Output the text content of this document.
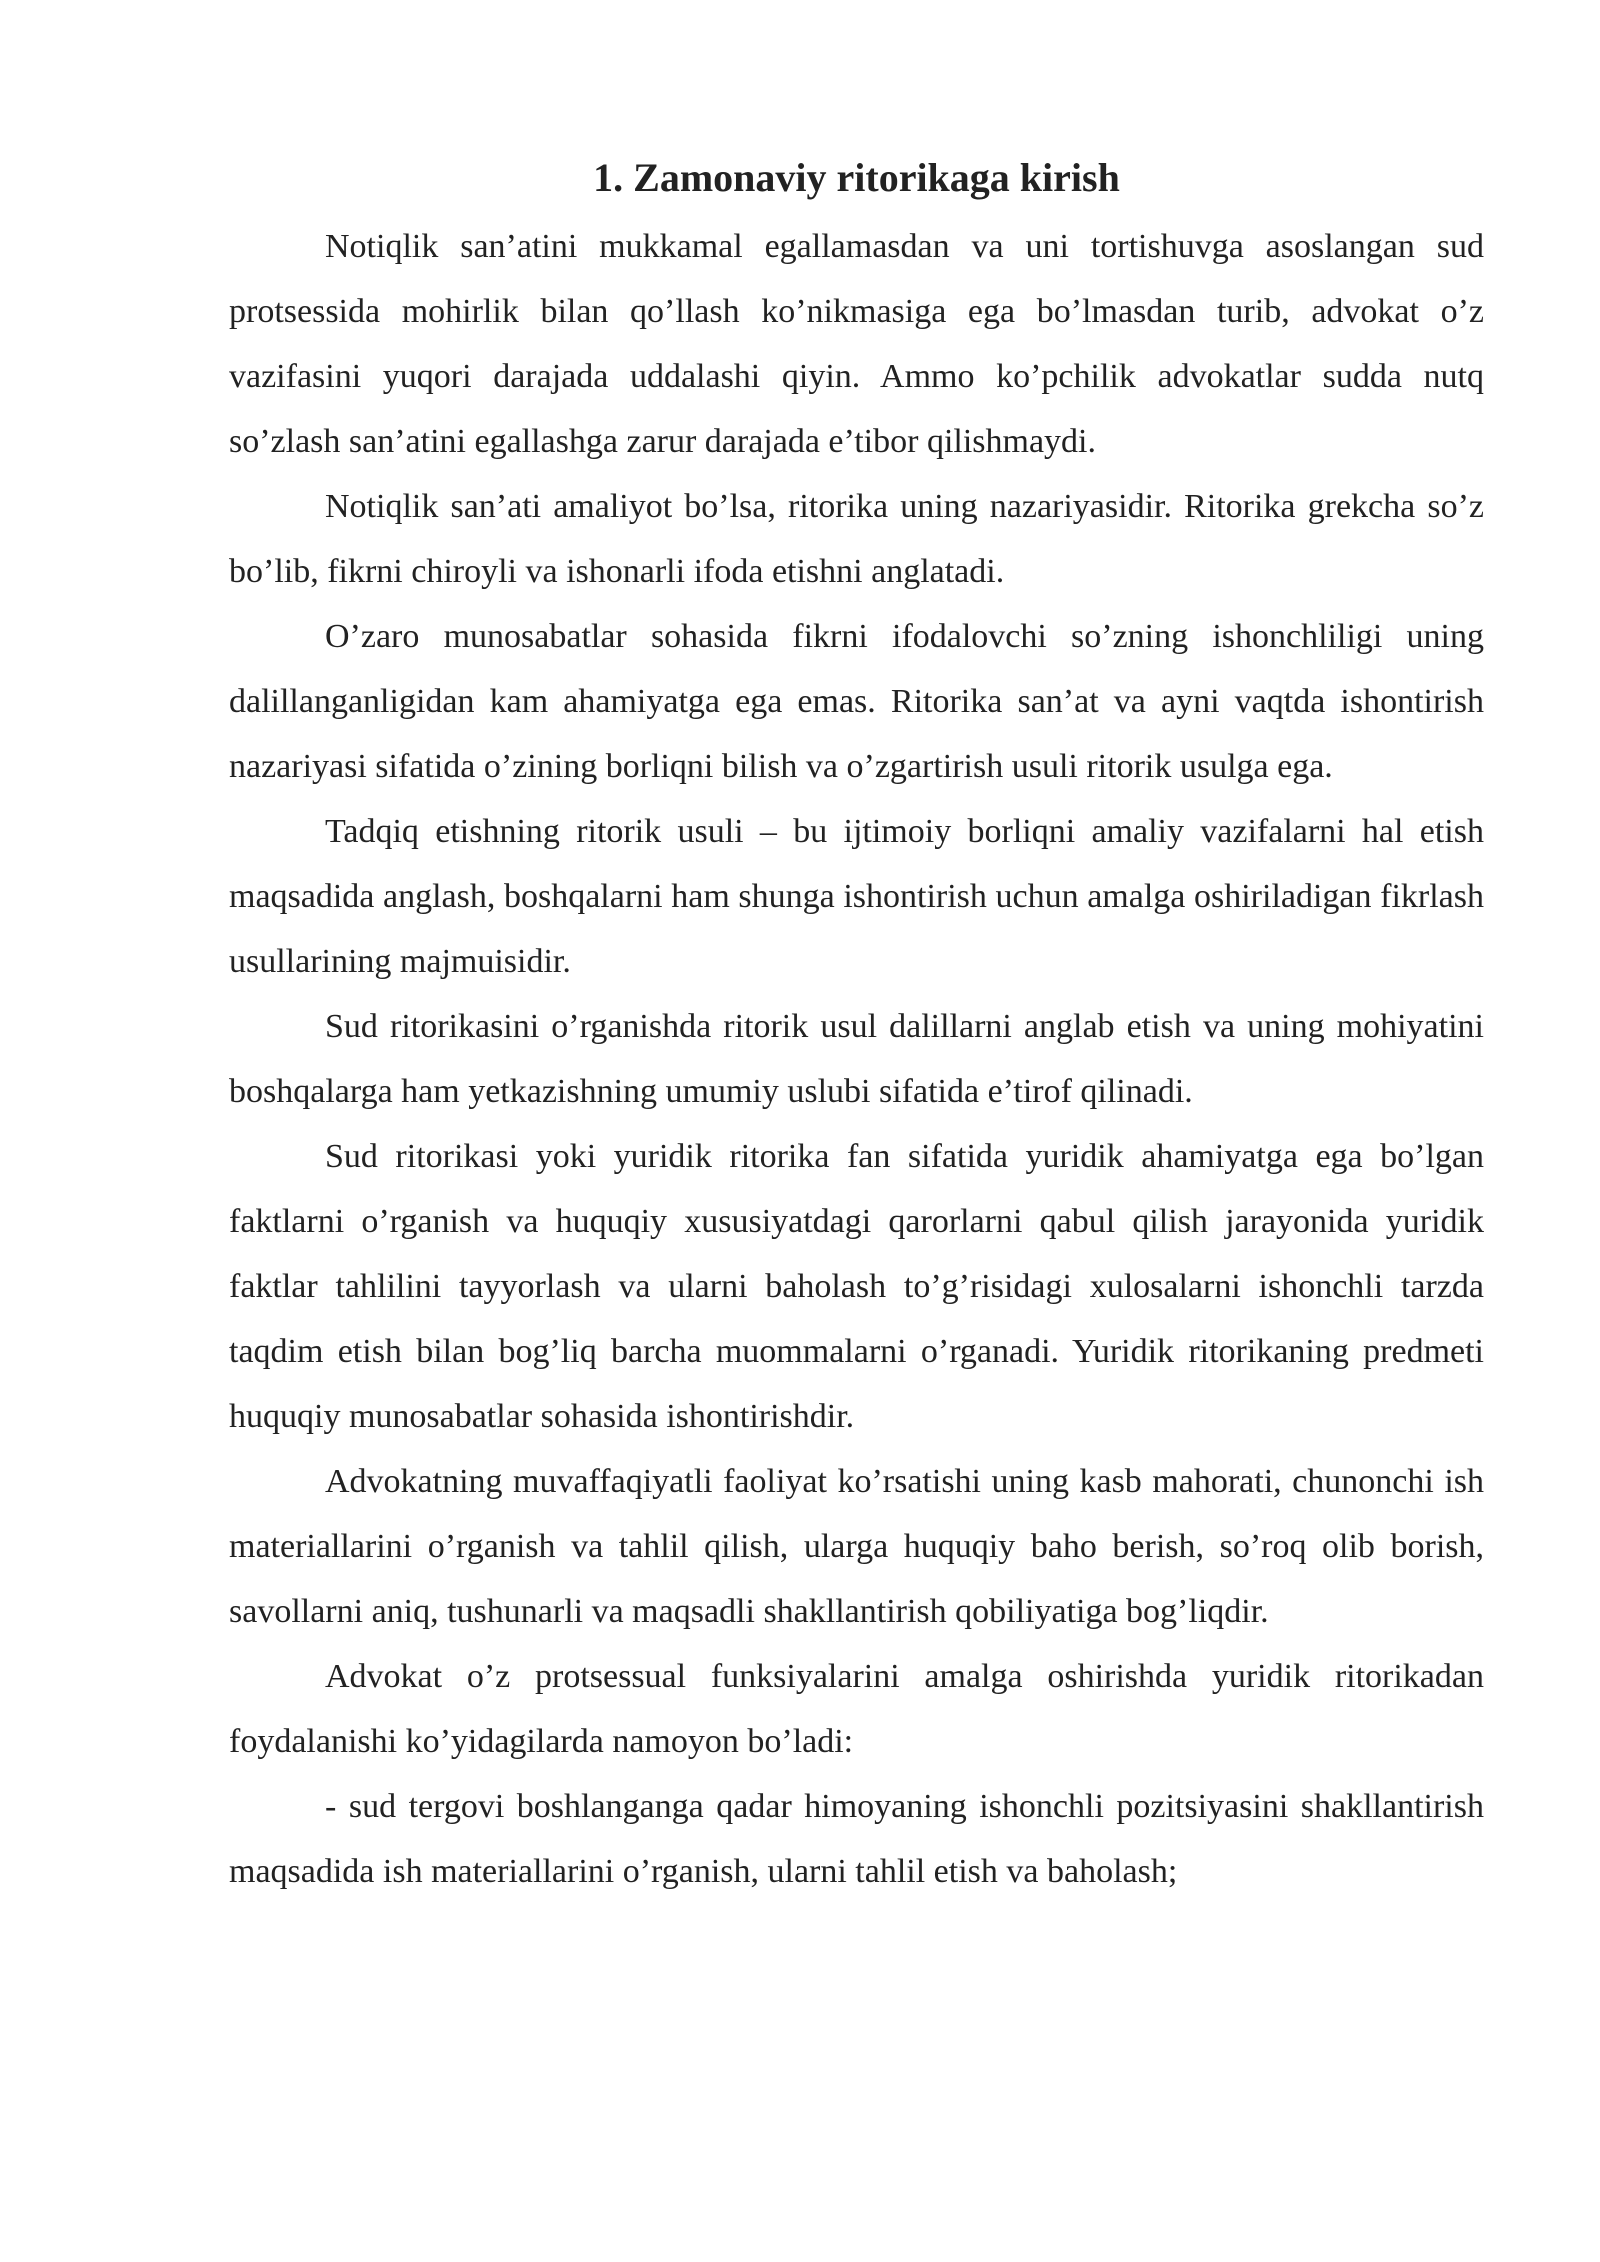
1. Zamonaviy ritorikaga kirish

Notiqlik san’atini mukkamal egallamasdan va uni tortishuvga asoslangan sud protsessida mohirlik bilan qo’llash ko’nikmasiga ega bo’lmasdan turib, advokat o’z vazifasini yuqori darajada uddalashi qiyin. Ammo ko’pchilik advokatlar sudda nutq so’zlash san’atini egallashga zarur darajada e’tibor qilishmaydi.

Notiqlik san’ati amaliyot bo’lsa, ritorika uning nazariyasidir. Ritorika grekcha so’z bo’lib, fikrni chiroyli va ishonarli ifoda etishni anglatadi.

O’zaro munosabatlar sohasida fikrni ifodalovchi so’zning ishonchliligi uning dalillanganligidan kam ahamiyatga ega emas. Ritorika san’at va ayni vaqtda ishontirish nazariyasi sifatida o’zining borliqni bilish va o’zgartirish usuli ritorik usulga ega.

Tadqiq etishning ritorik usuli – bu ijtimoiy borliqni amaliy vazifalarni hal etish maqsadida anglash, boshqalarni ham shunga ishontirish uchun amalga oshiriladigan fikrlash usullarining majmuisidir.

Sud ritorikasini o’rganishda ritorik usul dalillarni anglab etish va uning mohiyatini boshqalarga ham yetkazishning umumiy uslubi sifatida e’tirof qilinadi.

Sud ritorikasi yoki yuridik ritorika fan sifatida yuridik ahamiyatga ega bo’lgan faktlarni o’rganish va huquqiy xususiyatdagi qarorlarni qabul qilish jarayonida yuridik faktlar tahlilini tayyorlash va ularni baholash to’g’risidagi xulosalarni ishonchli tarzda taqdim etish bilan bog’liq barcha muommalarni o’rganadi. Yuridik ritorikaning predmeti huquqiy munosabatlar sohasida ishontirishdir.

Advokatning muvaffaqiyatli faoliyat ko’rsatishi uning kasb mahorati, chunonchi ish materiallarini o’rganish va tahlil qilish, ularga huquqiy baho berish, so’roq olib borish, savollarni aniq, tushunarli va maqsadli shakllantirish qobiliyatiga bog’liqdir.

Advokat o’z protsessual funksiyalarini amalga oshirishda yuridik ritorikadan foydalanishi ko’yidagilarda namoyon bo’ladi:

- sud tergovi boshlanganga qadar himoyaning ishonchli pozitsiyasini shakllantirish maqsadida ish materiallarini o’rganish, ularni tahlil etish va baholash;
